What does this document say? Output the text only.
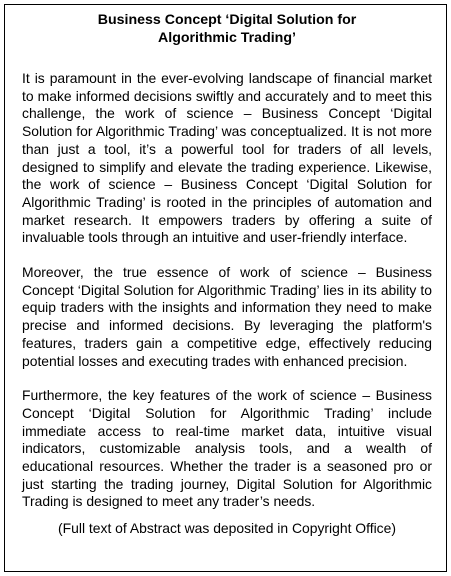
Business Concept ‘Digital Solution for
Algorithmic Trading’

It is paramount in the ever-evolving landscape of financial market to make informed decisions swiftly and accurately and to meet this challenge, the work of science – Business Concept ‘Digital Solution for Algorithmic Trading’ was conceptualized. It is not more than just a tool, it’s a powerful tool for traders of all levels, designed to simplify and elevate the trading experience. Likewise, the work of science – Business Concept ‘Digital Solution for Algorithmic Trading’ is rooted in the principles of automation and market research. It empowers traders by offering a suite of invaluable tools through an intuitive and user-friendly interface.

Moreover, the true essence of work of science – Business Concept ‘Digital Solution for Algorithmic Trading’ lies in its ability to equip traders with the insights and information they need to make precise and informed decisions. By leveraging the platform's features, traders gain a competitive edge, effectively reducing potential losses and executing trades with enhanced precision.

Furthermore, the key features of the work of science – Business Concept ‘Digital Solution for Algorithmic Trading’ include immediate access to real-time market data, intuitive visual indicators, customizable analysis tools, and a wealth of educational resources. Whether the trader is a seasoned pro or just starting the trading journey, Digital Solution for Algorithmic Trading is designed to meet any trader’s needs.

(Full text of Abstract was deposited in Copyright Office)
